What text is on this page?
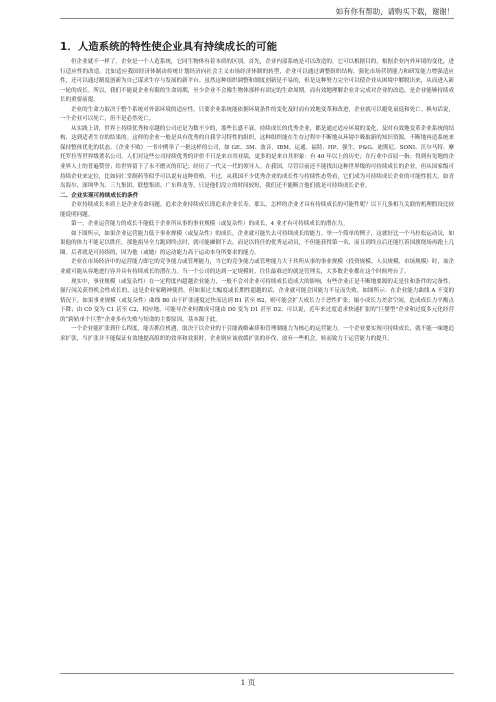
如有你有帮助，请购买下载，谢谢！
1．人造系统的特性使企业具有持续成长的可能

但企业就不一样了。企业是一个人造系统，它同生物体有着本质的区别。首先，企业内部系统是可以改造的。它可以根据目的，根据企业内外环境的变化，进行适应性的改造。比如适应我国经济体制由传统计划经济向社会主义市场经济体制的转型，企业可以通过调整组织结构、强化市场营销能力和研发能力增强适应性，还可以通过制度创新为自己谋求生存与发展的新平台。虽然这种组织调整和制度创新是不易的，但是这种努力完全可以使企业从困境中解脱出来，从而进入新一轮的成长。所以，我们不能说企业有限的生命周期，至少企业不会像生物体那样有固定的生命周期。而有效地理解企业并完成对企业的改造，是企业能够持续成长的重要前提。

企业的生命力取决于整个系统对外部环境的适应性，只要企业系统能依据环境条件的变化及时而有效地变革和改进，企业就可以避免衰退和死亡。换句话说，一个企业可以死亡，但不是必然死亡。

从实践上讲，世界上持续优秀和卓越的公司还是为数不少的，那些长盛不衰、持续成长的优秀企业，都是通过适应环境的变化，及时有效地变革企业系统的结构，达到适者生存的结果的。这样的企业一般是具有优秀的自我学习特性的组织，这种组织能在生存过程中不断地从环境中吸取新的知识资源，不断地再造系统来保持整体优化的状态。《企业不败》一书中例举了一批这样的公司，如 GE、3M、波音、IBM、运通、福特、HP、强生、P&G、迪斯尼、SONI、沃尔马特、摩托罗拉等世界级著名公司。人们对这些公司持续优秀的评价不只是来自其业绩，更多的是来自其形象：有 40 年以上的历史；在行业中首屈一指；得到有见地的企业界人士的普遍赞誉；给世界留下了永不磨灭的印记；经历了一代又一代的领导人。在我国，尽管目前还不能找出这种世界级的可持续成长的企业，但从国家级可持续企业来定位，比如同仁堂制药等似乎可以说有这种资格。不过，从我国不少优秀企业的成长性与持续性态势看，它们成为可持续成长企业的可能性很大，如青岛海尔、深圳华为、三九集团、联想集团、广东科龙等，只是他们没立的时间较短，我们还不能断言他们就是可持续成长企业。

二、企业实现可持续成长的条件

企业持续成长本质上是企业寿命问题。追求企业持续成长即追求企业长寿。那么，怎样的企业才具有持续成长的可能性呢？以下几条相互关联的机理假设比较能说明问题。

第一，企业运营能力的成长不能低于企业所从事的事业规模（或复杂性）的成长，4 业才有可持续成长的潜在力。

如下图所示，如果企业运营能力低于事业规模（或复杂性）的成长，企业就可能失去可持续成长的能力。举一个简单的例子，这就好比一个马拉松运动员，如果他的体力不能足以胜任，那他捐导全力跑到终点时，就可能瘫倒下去，而是以将任的优秀运动员，不但能获得第一名，而且到终点后还能红着国旗绕场再跑上几圈。后者就是可持续的，因为他（或她）的运动能力高于运动本身所要求的能力。

企业在市场经济中的运营能力即它的竞争能力或管理能力，当它的竞争能力或管理能力大于其所从事的事业规模（投资规模、人员规模、市场规模）时，该企业就可能从容地进行容并具有持续成长的潜在力。当一个公司的达到一定规模时，往往最难过的就是管理关，大多数企业都在这个时候垮台了。

现实中，事业规模（或复杂性）在一定程度内超越企业能力，一般不会对企业可持续成长造成大的影响，有些企业正是不断地要源的走是往和条件的完备性，强行闯关获得机会性成长的，这是企业家精神使然。但如果过大幅度或长期性超越的话，企业就可能会因能力不足而失败。如图所示：在企业能力曲线 A 不变的情况下，如果事业规模（或复杂性）曲线 B0 由于扩张速度过快而达到 B1 甚至 B2，则可能会扩大成长力于恶性扩张；缩小成长力差余空间，造成成长力平衡点下降；由 C0 变为 C1 甚至 C2，相应地，可能导企业何做成可能由 D0 变为 D1 甚至 D2。可以说，近年来过度追求快速扩张的“巨婴型”企业和过度多元化经营的“跨轨单个巨型”企业多有失败与短命的主要原因，基本源于此。

一个企业能扩张到什么程度，能否抓住机遇，取决于以企业的于引能战略素质和管理制能力为核心的运营能力。一个企业要实现可持续成长，就不能一味地追求扩张，当扩张并不能保证有效地提高组织的效率和效果时，企业则应该放缓扩张的步伐，放弃一些机会，转而致力于运营能力的提升。

1 页
